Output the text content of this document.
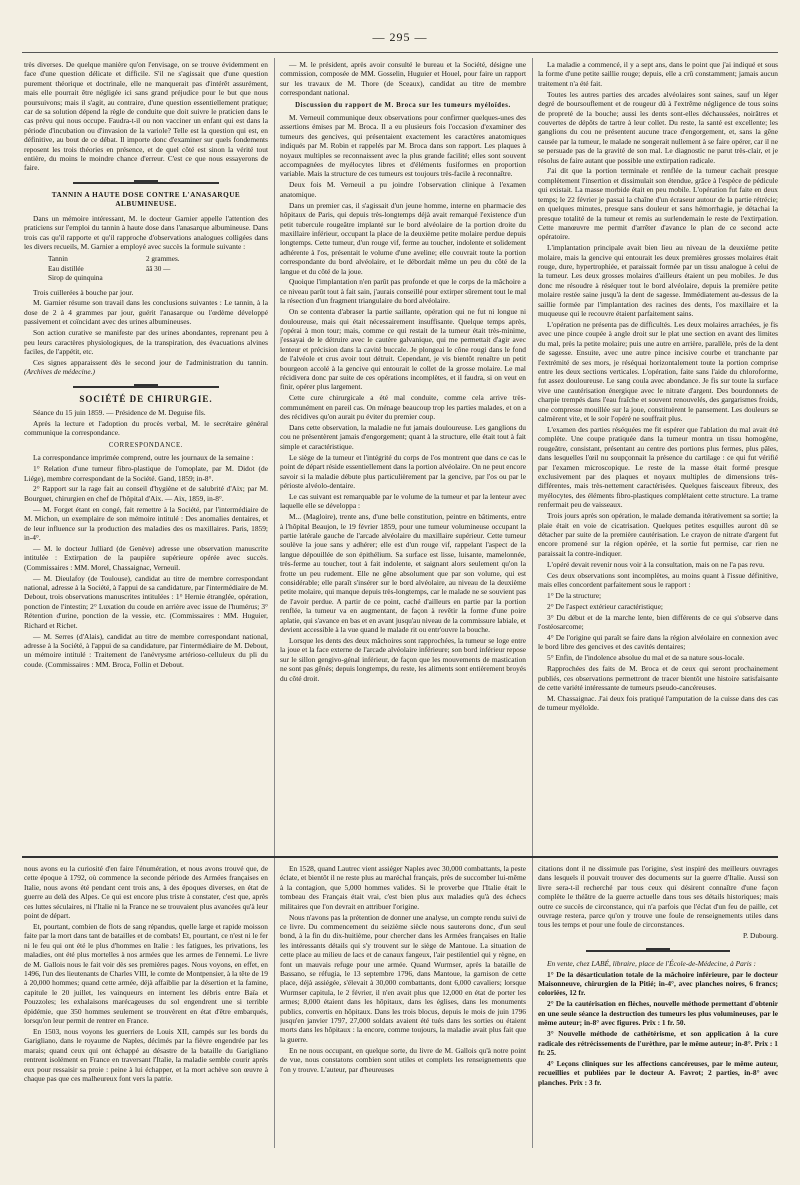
— 295 —

très diverses. De quelque manière qu'on l'envisage, on se trouve évidemment en face d'une question délicate et difficile. S'il ne s'agissait que d'une question purement théorique et doctrinale, elle ne manquerait pas d'intérêt assurément, mais elle pourrait être négligée ici sans grand préjudice pour le but que nous poursuivons; mais il s'agit, au contraire, d'une question essentiellement pratique; car de sa solution dépend la règle de conduite que doit suivre le praticien dans le cas prévu qui nous occupe. Faudra-t-il ou non vacciner un enfant qui est dans la période d'incubation ou d'invasion de la variole? Telle est la question qui est, en définitive, au bout de ce débat. Il importe donc d'examiner sur quels fondements reposent les trois théories en présence, et de quel côté est sinon la vérité tout entière, du moins le moindre chance d'erreur. C'est ce que nous essayerons de faire.

TANNIN A HAUTE DOSE CONTRE L'ANASARQUE ALBUMINEUSE.

Dans un mémoire intéressant, M. le docteur Garnier appelle l'attention des praticiens sur l'emploi du tannin à haute dose dans l'anasarque albumineuse. Dans trois cas qu'il rapporte et qu'il rapproche d'observations analogues colligées dans les divers recueils, M. Garnier a employé avec succès la formule suivante :

Tannin	2 grammes.
Eau distillée	āā 30 —
Sirop de quinquina

Trois cuillerées à bouche par jour.

M. Garnier résume son travail dans les conclusions suivantes : Le tannin, à la dose de 2 à 4 grammes par jour, guérit l'anasarque ou l'œdème développé passivement et coïncidant avec des urines albumineuses.

Son action curative se manifeste par des urines abondantes, reprenant peu à peu leurs caractères physiologiques, de la transpiration, des évacuations alvines faciles, de l'appétit, etc.

Ces signes apparaissent dès le second jour de l'administration du tannin. (Archives de médecine.)

SOCIÉTÉ DE CHIRURGIE.

Séance du 15 juin 1859. — Présidence de M. Deguise fils.

Après la lecture et l'adoption du procès verbal, M. le secrétaire général communique la correspondance.

CORRESPONDANCE.

La correspondance imprimée comprend, outre les journaux de la semaine :

1° Relation d'une tumeur fibro-plastique de l'omoplate, par M. Didot (de Liége), membre correspondant de la Société. Gand, 1859; in-8°.

2° Rapport sur la rage fait au conseil d'hygiène et de salubrité d'Aix; par M. Bourguet, chirurgien en chef de l'hôpital d'Aix. — Aix, 1859, in-8°.

— M. Forget étant en congé, fait remettre à la Société, par l'intermédiaire de M. Michon, un exemplaire de son mémoire intitulé : Des anomalies dentaires, et de leur influence sur la production des maladies des os maxillaires. Paris, 1859; in-4°.

— M. le docteur Julliard (de Genève) adresse une observation manuscrite intitulée : Extirpation de la paupière supérieure opérée avec succès. (Commissaires : MM. Morel, Chassaignac, Verneuil.

— M. Dieulafoy (de Toulouse), candidat au titre de membre correspondant national, adresse à la Société, à l'appui de sa candidature, par l'intermédiaire de M. Debout, trois observations manuscrites intitulées : 1° Hernie étranglée, opération, ponction de l'intestin; 2° Luxation du coude en arrière avec issue de l'humérus; 3° Rétention d'urine, ponction de la vessie, etc. (Commissaires : MM. Huguier, Richard et Richet.

— M. Serres (d'Alais), candidat au titre de membre correspondant national, adresse à la Société, à l'appui de sa candidature, par l'intermédiaire de M. Debout, un mémoire intitulé : Traitement de l'anévrysme artérioso-celluleux du pli du coude. (Commissaires : MM. Broca, Follin et Debout.

— M. le président, après avoir consulté le bureau et la Société, désigne une commission, composée de MM. Gosselin, Huguier et Houel, pour faire un rapport sur les travaux de M. Thore (de Sceaux), candidat au titre de membre correspondant national.

Discussion du rapport de M. Broca sur les tumeurs myéloïdes.

M. Verneuil communique deux observations pour confirmer quelques-unes des assertions émises par M. Broca. Il a eu plusieurs fois l'occasion d'examiner des tumeurs des gencives, qui présentaient exactement les caractères anatomiques indiqués par M. Robin et rappelés par M. Broca dans son rapport. Les plaques à noyaux multiples se reconnaissent avec la plus grande facilité; elles sont souvent accompagnées de myélocytes libres et d'éléments fusiformes en proportion variable. Mais la structure de ces tumeurs est toujours très-facile à reconnaître.

Deux fois M. Verneuil a pu joindre l'observation clinique à l'examen anatomique.

Dans un premier cas, il s'agissait d'un jeune homme, interne en pharmacie des hôpitaux de Paris, qui depuis très-longtemps déjà avait remarqué l'existence d'un petit tubercule rougeâtre implanté sur le bord alvéolaire de la portion droite du maxillaire inférieur, occupant la place de la deuxième petite molaire perdue depuis longtemps. Cette tumeur, d'un rouge vif, ferme au toucher, indolente et solidement adhérente à l'os, présentait le volume d'une aveline; elle couvrait toute la portion correspondante du bord alvéolaire, et le débordait même un peu du côté de la langue et du côté de la joue.

Quoique l'implantation n'en parût pas profonde et que le corps de la mâchoire a ce niveau parût tout à fait sain, j'aurais conseillé pour extirper sûrement tout le mal la résection d'un fragment triangulaire du bord alvéolaire.

On se contenta d'abraser la partie saillante, opération qui ne fut ni longue ni douloureuse, mais qui était nécessairement insuffisante. Quelque temps après, j'opérai à mon tour; mais, comme ce qui restait de la tumeur était très-minime, j'essayai de le détruire avec le cautère galvanique, qui me permettait d'agir avec lenteur et précision dans la cavité buccale. Je plongeai le cône rougi dans le fond de l'alvéole et crus avoir tout détruit. Cependant, je vis bientôt renaître un petit bourgeon accolé à la gencive qui entourait le collet de la grosse molaire. Le mal récidivera donc par suite de ces opérations incomplètes, et il faudra, si on veut en finir, opérer plus largement.

Cette cure chirurgicale a été mal conduite, comme cela arrive très-communément en pareil cas. On ménage beaucoup trop les parties malades, et on a des récidives qu'on aurait pu éviter du premier coup.

Dans cette observation, la maladie ne fut jamais douloureuse. Les ganglions du cou ne présentèrent jamais d'engorgement; quant à la structure, elle était tout à fait simple et caractéristique.

Le siège de la tumeur et l'intégrité du corps de l'os montrent que dans ce cas le point de départ réside essentiellement dans la portion alvéolaire. On ne peut encore savoir si la maladie débute plus particulièrement par la gencive, par l'os ou par le périoste alvéolo-dentaire.

Le cas suivant est remarquable par le volume de la tumeur et par la lenteur avec laquelle elle se développa :

M... (Magloire), trente ans, d'une belle constitution, peintre en bâtiments, entre à l'hôpital Beaujon, le 19 février 1859, pour une tumeur volumineuse occupant la partie latérale gauche de l'arcade alvéolaire du maxillaire supérieur. Cette tumeur soulève la joue sans y adhérer; elle est d'un rouge vif, rappelant l'aspect de la langue dépouillée de son épithélium. Sa surface est lisse, luisante, mamelonnée, très-ferme au toucher, tout à fait indolente, et saignant alors seulement qu'on la frotte un peu rudement. Elle ne gêne absolument que par son volume, qui est considérable; elle paraît s'insérer sur le bord alvéolaire, au niveau de la deuxième petite molaire, qui manque depuis très-longtemps, car le malade ne se souvient pas de l'avoir perdue. A partir de ce point, caché d'ailleurs en partie par la portion renflée, la tumeur va en augmentant, de façon à revêtir la forme d'une poire aplatie, qui s'avance en bas et en avant jusqu'au niveau de la commissure labiale, et devient accessible à la vue quand le malade rit ou entr'ouvre la bouche.

Lorsque les dents des deux mâchoires sont rapprochées, la tumeur se loge entre la joue et la face externe de l'arcade alvéolaire inférieure; son bord inférieur repose sur le sillon gengivo-génal inférieur, de façon que les mouvements de mastication ne sont pas gênés; depuis longtemps, du reste, les aliments sont entièrement broyés du côté droit.

La maladie a commencé, il y a sept ans, dans le point que j'ai indiqué et sous la forme d'une petite saillie rouge; depuis, elle a crû constamment; jamais aucun traitement n'a été fait.

Toutes les autres parties des arcades alvéolaires sont saines, sauf un léger degré de boursouflement et de rougeur dû à l'extrême négligence de tous soins de propreté de la bouche; aussi les dents sont-elles déchaussées, noirâtres et couvertes de dépôts de tartre à leur collet. Du reste, la santé est excellente; les ganglions du cou ne présentent aucune trace d'engorgement, et, sans la gêne causée par la tumeur, le malade ne songerait nullement à se faire opérer, car il ne se persuade pas de la gravité de son mal. Le diagnostic ne parut très-clair, et je résolus de faire autant que possible une extirpation radicale.

J'ai dit que la portion terminale et renflée de la tumeur cachait presque complètement l'insertion et dissimulait son étendue, grâce à l'espèce de pédicule qui existait. La masse morbide était en peu mobile. L'opération fut faite en deux temps; le 22 février je passai la chaîne d'un écraseur autour de la partie rétrécie; en quelques minutes, presque sans douleur et sans hémorrhagie, je détachai la presque totalité de la tumeur et remis au surlendemain le reste de l'extirpation. Cette manœuvre me permit d'arrêter d'avance le plan de ce second acte opératoire.

L'implantation principale avait bien lieu au niveau de la deuxième petite molaire, mais la gencive qui entourait les deux premières grosses molaires était rouge, dure, hypertrophiée, et paraissait formée par un tissu analogue à celui de la tumeur. Les deux grosses molaires d'ailleurs étaient un peu mobiles. Je dus donc me résoudre à réséquer tout le bord alvéolaire, depuis la première petite molaire restée saine jusqu'à la dent de sagesse. Immédiatement au-dessus de la saillie formée par l'implantation des racines des dents, l'os maxillaire et la muqueuse qui le recouvre étaient parfaitement sains.

L'opération ne présenta pas de difficultés. Les deux molaires arrachées, je fis avec une pince coupée à angle droit sur le plat une section en avant des limites du mal, près la petite molaire; puis une autre en arrière, parallèle, près de la dent de sagesse. Ensuite, avec une autre pince incisive courbe et tranchante par l'extrémité de ses mors, je réséquai horizontalement toute la portion comprise entre les deux sections verticales. L'opération, faite sans l'aide du chloroforme, fut assez douloureuse. Le sang coula avec abondance. Je fis sur toute la surface vive une cautérisation énergique avec le nitrate d'argent. Des bourdonnets de charpie trempés dans l'eau fraîche et souvent renouvelés, des gargarismes froids, une compresse mouillée sur la joue, constituèrent le pansement. Les douleurs se calmèrent vite, et le soir l'opéré ne souffrait plus.

L'examen des parties réséquées me fit espérer que l'ablation du mal avait été complète. Une coupe pratiquée dans la tumeur montra un tissu homogène, rougeâtre, consistant, présentant au centre des portions plus fermes, plus pâles, dans lesquelles l'œil nu soupçonnait la présence du cartilage : ce qui fut vérifié par l'examen microscopique. Le reste de la masse était formé presque exclusivement par des plaques et noyaux multiples de dimensions très-différentes, mais très-nettement caractérisées. Quelques faisceaux fibreux, des myélocytes, des éléments fibro-plastiques complétaient cette structure. La trame renfermait peu de vaisseaux.

Trois jours après son opération, le malade demanda itérativement sa sortie; la plaie était en voie de cicatrisation. Quelques petites esquilles auront dû se détacher par suite de la première cautérisation. Le crayon de nitrate d'argent fut encore promené sur la région opérée, et la sortie fut permise, car rien ne paraissait la contre-indiquer.

L'opéré devait revenir nous voir à la consultation, mais on ne l'a pas revu.

Ces deux observations sont incomplètes, au moins quant à l'issue définitive, mais elles concordent parfaitement sous le rapport :

1° De la structure;

2° De l'aspect extérieur caractéristique;

3° Du début et de la marche lente, bien différents de ce qui s'observe dans l'ostéosarcome;

4° De l'origine qui paraît se faire dans la région alvéolaire en connexion avec le bord libre des gencives et des cavités dentaires;

5° Enfin, de l'indolence absolue du mal et de sa nature sous-locale.

Rapprochées des faits de M. Broca et de ceux qui seront prochainement publiés, ces observations permettront de tracer bientôt une histoire satisfaisante de cette variété intéressante de tumeurs pseudo-cancéreuses.

M. Chassaignac. J'ai deux fois pratiqué l'amputation de la cuisse dans des cas de tumeur myéloïde.

nous avons eu la curiosité d'en faire l'énumération, et nous avons trouvé que, de cette époque à 1792, où commence la seconde période des Armées françaises en Italie, nous avons été pendant cent trois ans, à des époques diverses, en état de guerre au delà des Alpes. Ce qui est encore plus triste à constater, c'est que, après ces luttes séculaires, ni l'Italie ni la France ne se trouvaient plus avancées qu'à leur point de départ.

Et, pourtant, combien de flots de sang répandus, quelle large et rapide moisson faite par la mort dans tant de batailles et de combats! Et, pourtant, ce n'est ni le fer ni le feu qui ont été le plus d'hommes en Italie : les fatigues, les privations, les maladies, ont été plus mortelles à nos armées que les armes de l'ennemi. Le livre de M. Gallois nous le fait voir dès ses premières pages. Nous voyons, en effet, en 1496, l'un des lieutenants de Charles VIII, le comte de Montpensier, à la tête de 19 à 20,000 hommes; quand cette armée, déjà affaiblie par la désertion et la famine, capitule le 20 juillet, les vainqueurs en internent les débris entre Baïa et Pouzzoles; les exhalaisons marécageuses du sol engendrent une si terrible épidémie, que 350 hommes seulement se trouvèrent en état d'être embarqués, lorsqu'on leur permit de rentrer en France.

En 1503, nous voyons les guerriers de Louis XII, campés sur les bords du Garigliano, dans le royaume de Naples, décimés par la fièvre engendrée par les marais; quand ceux qui ont échappé au désastre de la bataille du Garigliano rentrent isolément en France en traversant l'Italie, la maladie semble courir après eux pour ressaisir sa proie : peine à lui échapper, et la mort achève son œuvre à chaque pas que ces malheureux font vers la patrie.

En 1528, quand Lautrec vient assiéger Naples avec 30,000 combattants, la peste éclate, et bientôt il ne reste plus au maréchal français, près de succomber lui-même à la contagion, que 5,000 hommes valides. Si le proverbe que l'Italie était le tombeau des Français était vrai, c'est bien plus aux maladies qu'à des échecs militaires que l'on devrait en attribuer l'origine.

Nous n'avons pas la prétention de donner une analyse, un compte rendu suivi de ce livre. Du commencement du seizième siècle nous sauterons donc, d'un seul bond, à la fin du dix-huitième, pour chercher dans les Armées françaises en Italie les intéressants détails qui s'y trouvent sur le siège de Mantoue. La situation de cette place au milieu de lacs et de canaux fangeux, l'air pestilentiel qui y règne, en font un mauvais refuge pour une armée. Quand Wurmser, après la bataille de Bassano, se réfugia, le 13 septembre 1796, dans Mantoue, la garnison de cette place, déjà assiégée, s'élevait à 30,000 combattants, dont 6,000 cavaliers; lorsque Wurmser capitula, le 2 février, il n'en avait plus que 12,000 en état de porter les armes; 8,000 étaient dans les hôpitaux, dans les églises, dans les monuments publics, convertis en hôpitaux. Dans les trois blocus, depuis le mois de juin 1796 jusqu'en janvier 1797, 27,000 soldats avaient été tués dans les sorties ou étaient morts dans les hôpitaux : la encore, comme toujours, la maladie avait plus fait que la guerre.

En ne nous occupant, en quelque sorte, du livre de M. Gallois qu'à notre point de vue, nous constatons combien sont utiles et complets les renseignements que l'on y trouve. L'auteur, par d'heureuses

citations dont il ne dissimule pas l'origine, s'est inspiré des meilleurs ouvrages dans lesquels il pouvait trouver des documents sur la guerre d'Italie. Aussi son livre sera-t-il recherché par tous ceux qui désirent connaître d'une façon complète le théâtre de la guerre actuelle dans tous ses détails historiques; mais outre ce succès de circonstance, qui n'a parfois que l'éclat d'un feu de paille, cet ouvrage restera, parce qu'on y trouve une foule de renseignements utiles dans tous les temps et pour une foule de circonstances.

P. Dubourg.

En vente, chez LABÉ, libraire, place de l'École-de-Médecine, à Paris :

1° De la désarticulation totale de la mâchoire inférieure, par le docteur Maisonneuve, chirurgien de la Pitié; in-4°, avec planches noires, 6 francs; coloriées, 12 fr.

2° De la cautérisation en flèches, nouvelle méthode permettant d'obtenir en une seule séance la destruction des tumeurs les plus volumineuses, par le même auteur; in-8° avec figures. Prix : 1 fr. 50.

3° Nouvelle méthode de cathétérisme, et son application à la cure radicale des rétrécissements de l'urèthre, par le même auteur; in-8°. Prix : 1 fr. 25.

4° Leçons cliniques sur les affections cancéreuses, par le même auteur, recueillies et publiées par le docteur A. Favrot; 2 parties, in-8° avec planches. Prix : 3 fr.
